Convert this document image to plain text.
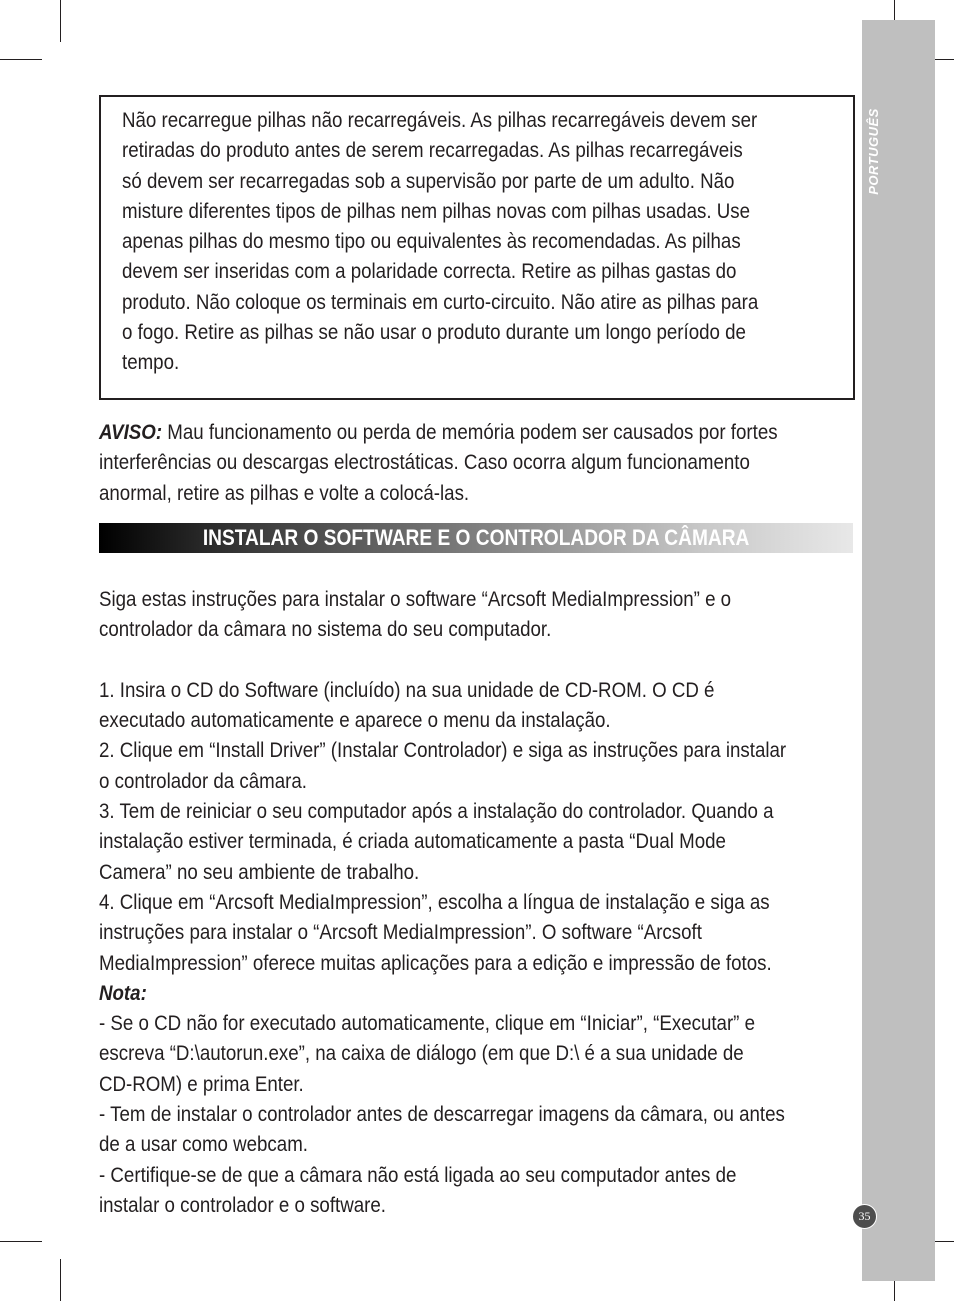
PORTUGUÊS
Não recarregue pilhas não recarregáveis. As pilhas recarregáveis devem ser
retiradas do produto antes de serem recarregadas. As pilhas recarregáveis
só devem ser recarregadas sob a supervisão por parte de um adulto. Não
misture diferentes tipos de pilhas nem pilhas novas com pilhas usadas. Use
apenas pilhas do mesmo tipo ou equivalentes às recomendadas. As pilhas
devem ser inseridas com a polaridade correcta. Retire as pilhas gastas do
produto. Não coloque os terminais em curto-circuito. Não atire as pilhas para
o fogo. Retire as pilhas se não usar o produto durante um longo período de
tempo.
AVISO: Mau funcionamento ou perda de memória podem ser causados por fortes
interferências ou descargas electrostáticas. Caso ocorra algum funcionamento
anormal, retire as pilhas e volte a colocá-las.
INSTALAR O SOFTWARE E O CONTROLADOR DA CÂMARA

Siga estas instruções para instalar o software “Arcsoft MediaImpression” e o

controlador da câmara no sistema do seu computador.

1. Insira o CD do Software (incluído) na sua unidade de CD-ROM. O CD é

executado automaticamente e aparece o menu da instalação.

2. Clique em “Install Driver” (Instalar Controlador) e siga as instruções para instalar

o controlador da câmara.

3. Tem de reiniciar o seu computador após a instalação do controlador. Quando a

instalação estiver terminada, é criada automaticamente a pasta “Dual Mode

Camera” no seu ambiente de trabalho.

4. Clique em “Arcsoft MediaImpression”, escolha a língua de instalação e siga as

instruções para instalar o “Arcsoft MediaImpression”. O software “Arcsoft

MediaImpression” oferece muitas aplicações para a edição e impressão de fotos.

Nota:

- Se o CD não for executado automaticamente, clique em “Iniciar”, “Executar” e

escreva “D:\autorun.exe”, na caixa de diálogo (em que D:\ é a sua unidade de

CD-ROM) e prima Enter.

- Tem de instalar o controlador antes de descarregar imagens da câmara, ou antes

de a usar como webcam.

- Certifique-se de que a câmara não está ligada ao seu computador antes de

instalar o controlador e o software.	35
